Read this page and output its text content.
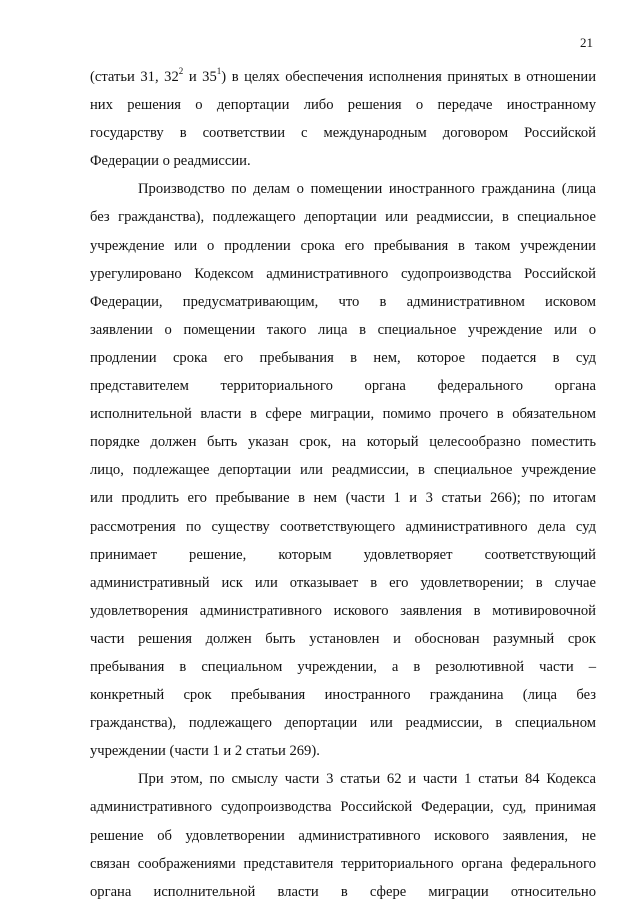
21
(статьи 31, $32^2$ и $35^1$) в целях обеспечения исполнения принятых в отношении
них решения о депортации либо решения о передаче иностранному
государству в соответствии с международным договором Российской
Федерации о реадмиссии.
Производство по делам о помещении иностранного гражданина (лица
без гражданства), подлежащего депортации или реадмиссии, в специальное
учреждение или о продлении срока его пребывания в таком учреждении
урегулировано Кодексом административного судопроизводства Российской
Федерации, предусматривающим, что в административном исковом
заявлении о помещении такого лица в специальное учреждение или о
продлении срока его пребывания в нем, которое подается в суд
представителем территориального органа федерального органа
исполнительной власти в сфере миграции, помимо прочего в обязательном
порядке должен быть указан срок, на который целесообразно поместить
лицо, подлежащее депортации или реадмиссии, в специальное учреждение
или продлить его пребывание в нем (части 1 и 3 статьи 266); по итогам
рассмотрения по существу соответствующего административного дела суд
принимает решение, которым удовлетворяет соответствующий
административный иск или отказывает в его удовлетворении; в случае
удовлетворения административного искового заявления в мотивировочной
части решения должен быть установлен и обоснован разумный срок
пребывания в специальном учреждении, а в резолютивной части –
конкретный срок пребывания иностранного гражданина (лица без
гражданства), подлежащего депортации или реадмиссии, в специальном
учреждении (части 1 и 2 статьи 269).
При этом, по смыслу части 3 статьи 62 и части 1 статьи 84 Кодекса
административного судопроизводства Российской Федерации, суд, принимая
решение об удовлетворении административного искового заявления, не
связан соображениями представителя территориального органа федерального
органа исполнительной власти в сфере миграции относительно
